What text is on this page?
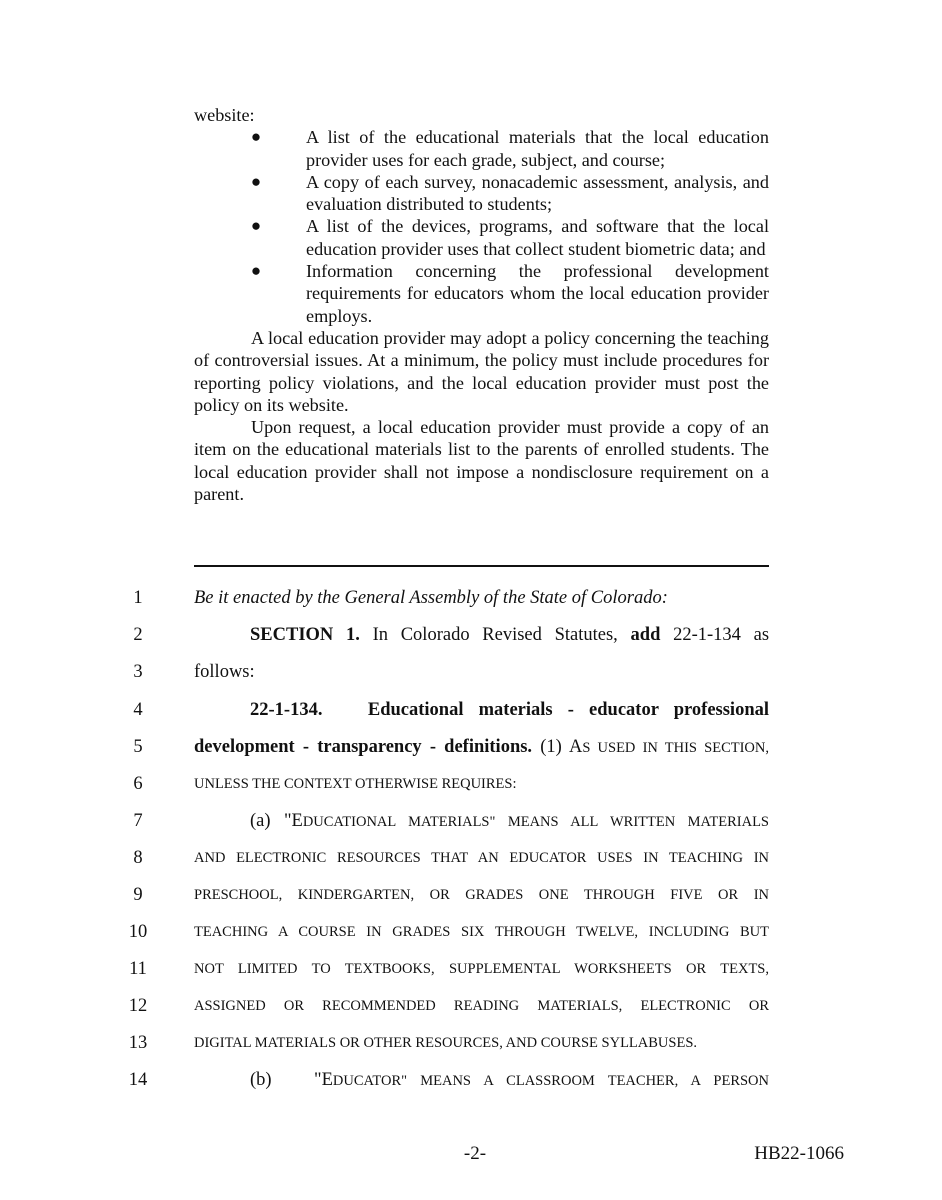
website:

● A list of the educational materials that the local education provider uses for each grade, subject, and course;
● A copy of each survey, nonacademic assessment, analysis, and evaluation distributed to students;
● A list of the devices, programs, and software that the local education provider uses that collect student biometric data; and
● Information concerning the professional development requirements for educators whom the local education provider employs.

A local education provider may adopt a policy concerning the teaching of controversial issues. At a minimum, the policy must include procedures for reporting policy violations, and the local education provider must post the policy on its website.

Upon request, a local education provider must provide a copy of an item on the educational materials list to the parents of enrolled students. The local education provider shall not impose a nondisclosure requirement on a parent.

1	Be it enacted by the General Assembly of the State of Colorado:
2	SECTION 1. In Colorado Revised Statutes, add 22-1-134 as
3	follows:
4	22-1-134.   Educational materials - educator professional
5	development - transparency - definitions. (1) AS USED IN THIS SECTION,
6	UNLESS THE CONTEXT OTHERWISE REQUIRES:
7	(a) "EDUCATIONAL MATERIALS" MEANS ALL WRITTEN MATERIALS
8	AND ELECTRONIC RESOURCES THAT AN EDUCATOR USES IN TEACHING IN
9	PRESCHOOL, KINDERGARTEN, OR GRADES ONE THROUGH FIVE OR IN
10	TEACHING A COURSE IN GRADES SIX THROUGH TWELVE, INCLUDING BUT
11	NOT LIMITED TO TEXTBOOKS, SUPPLEMENTAL WORKSHEETS OR TEXTS,
12	ASSIGNED OR RECOMMENDED READING MATERIALS, ELECTRONIC OR
13	DIGITAL MATERIALS OR OTHER RESOURCES, AND COURSE SYLLABUSES.
14	(b)   "EDUCATOR" MEANS A CLASSROOM TEACHER, A PERSON
-2-	HB22-1066
